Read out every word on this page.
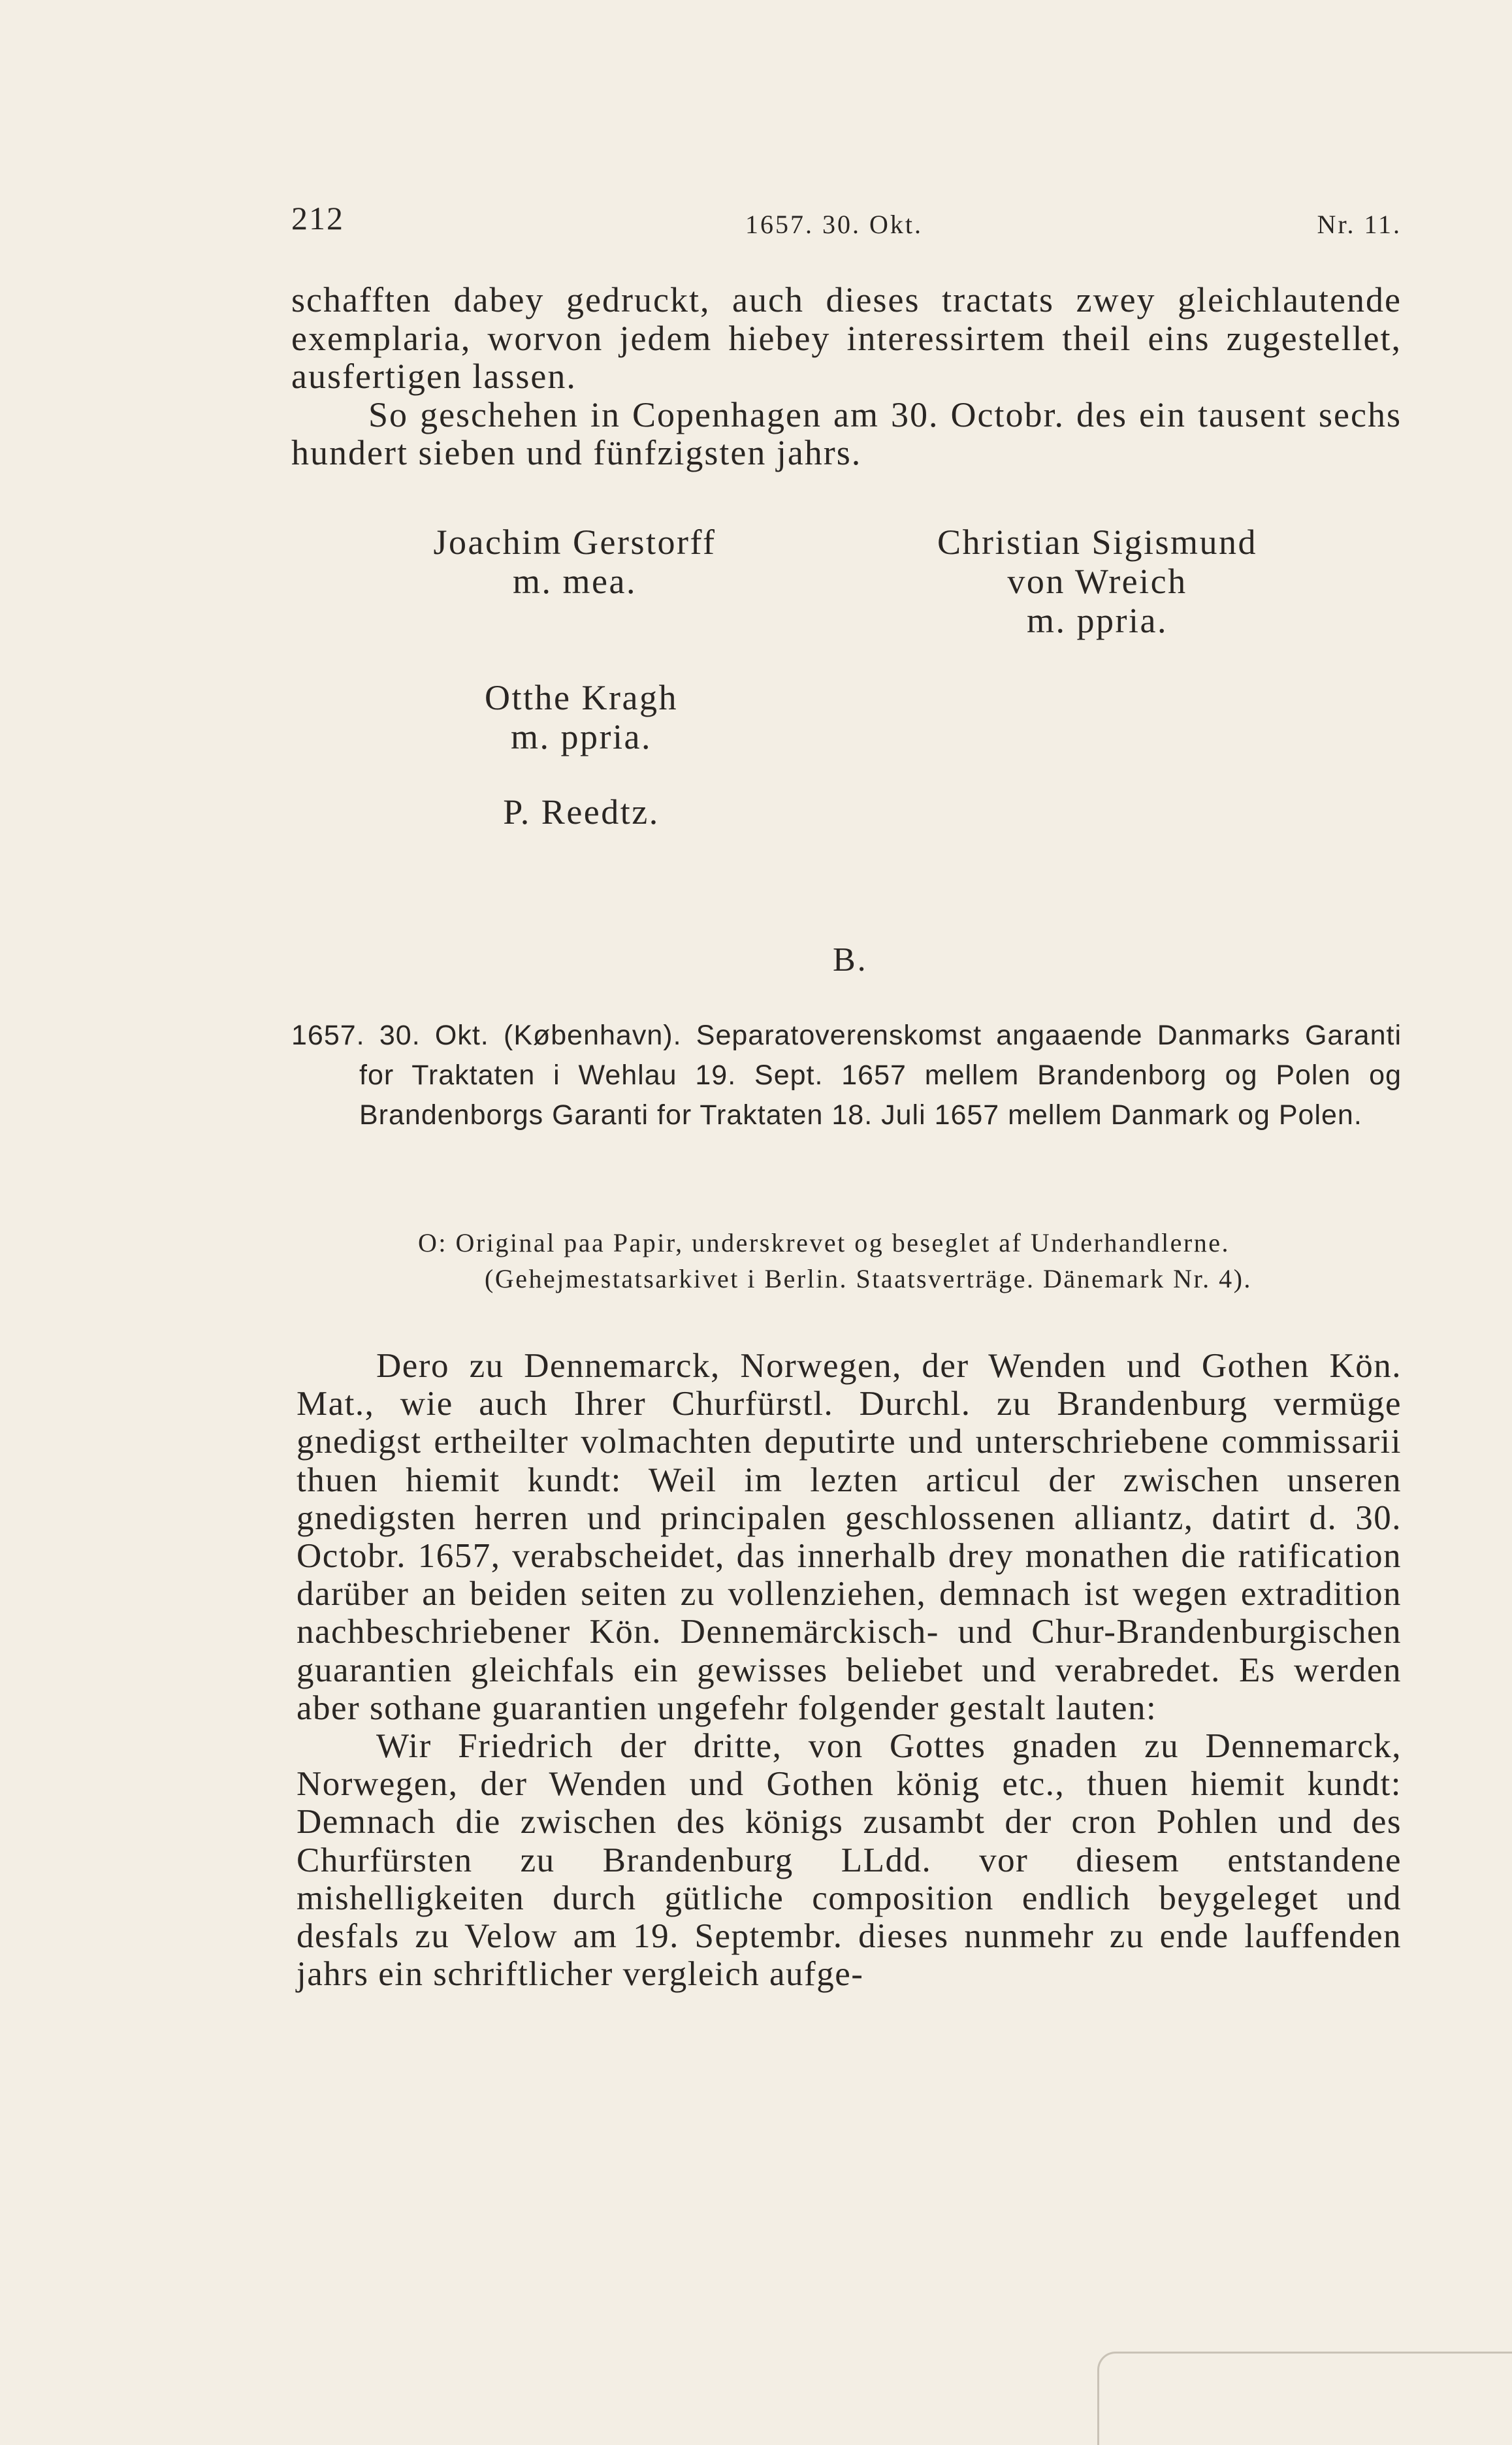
212	1657. 30. Okt.	Nr. 11.

schafften dabey gedruckt, auch dieses tractats zwey gleichlautende exemplaria, worvon jedem hiebey interessirtem theil eins zugestellet, ausfertigen lassen.
So geschehen in Copenhagen am 30. Octobr. des ein tausent sechs hundert sieben und fünfzigsten jahrs.

Joachim Gerstorff
m. mea.
Christian Sigismund
von Wreich
m. ppria.
Otthe Kragh
m. ppria.
P. Reedtz.
B.

1657. 30. Okt. (København). Separatoverenskomst angaaende Danmarks Garanti for Traktaten i Wehlau 19. Sept. 1657 mellem Brandenborg og Polen og Brandenborgs Garanti for Traktaten 18. Juli 1657 mellem Danmark og Polen.

O: Original paa Papir, underskrevet og beseglet af Underhandlerne. (Gehejmestatsarkivet i Berlin. Staatsverträge. Dänemark Nr. 4).

Dero zu Dennemarck, Norwegen, der Wenden und Gothen Kön. Mat., wie auch Ihrer Churfürstl. Durchl. zu Brandenburg vermüge gnedigst ertheilter volmachten deputirte und unterschriebene commissarii thuen hiemit kundt: Weil im lezten articul der zwischen unseren gnedigsten herren und principalen geschlossenen alliantz, datirt d. 30. Octobr. 1657, verabscheidet, das innerhalb drey monathen die ratification darüber an beiden seiten zu vollenziehen, demnach ist wegen extradition nachbeschriebener Kön. Dennemärckisch- und Chur-Brandenburgischen guarantien gleichfals ein gewisses beliebet und verabredet. Es werden aber sothane guarantien ungefehr folgender gestalt lauten:
Wir Friedrich der dritte, von Gottes gnaden zu Dennemarck, Norwegen, der Wenden und Gothen könig etc., thuen hiemit kundt: Demnach die zwischen des königs zusambt der cron Pohlen und des Churfürsten zu Brandenburg LLdd. vor diesem entstandene mishelligkeiten durch gütliche composition endlich beygeleget und desfals zu Velow am 19. Septembr. dieses nunmehr zu ende lauffenden jahrs ein schriftlicher vergleich aufge-
